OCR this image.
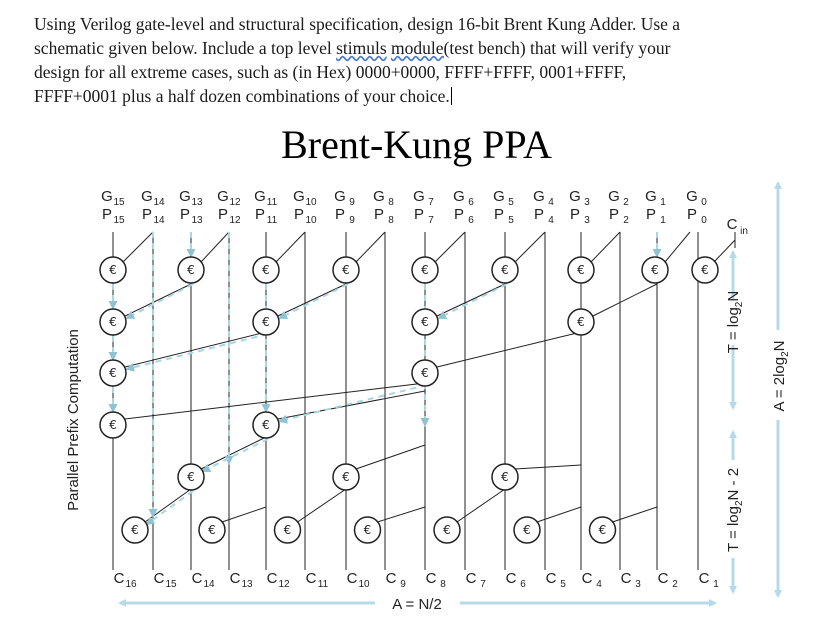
Using Verilog gate-level and structural specification, design 16-bit Brent Kung Adder. Use a
schematic given below. Include a top level stimuls module(test bench) that will verify your
design for all extreme cases, such as (in Hex) 0000+0000, FFFF+FFFF, 0001+FFFF,
FFFF+0001 plus a half dozen combinations of your choice.
Brent-Kung PPA
€	€	€	€	€	€	€	€	€
€	€	€	€
€	€
€	€
€	€	€
€	€	€	€	€	€	€
G 15
P 15
G 14
P 14
G 13
P 13
G 12
P 12
G 11
P 11
G 10
P 10
G 9
P 9
G 8
P 8
G 7
P 7
G 6
P 6
G 5
P 5
G 4
P 4
G 3
P 3
G 2
P 2
G 1
P 1
G 0
P 0 C in
C 16 C 15 C 14 C 13 C 12 C 11 C 10 C 9 C 8 C 7 C 6 C 5 C 4 C 3 C 2 C 1
Parallel Prefix Computation
A = N/2
$T = \log_2N$
$T = \log_2N - 2$
$A = 2\log_2N$
